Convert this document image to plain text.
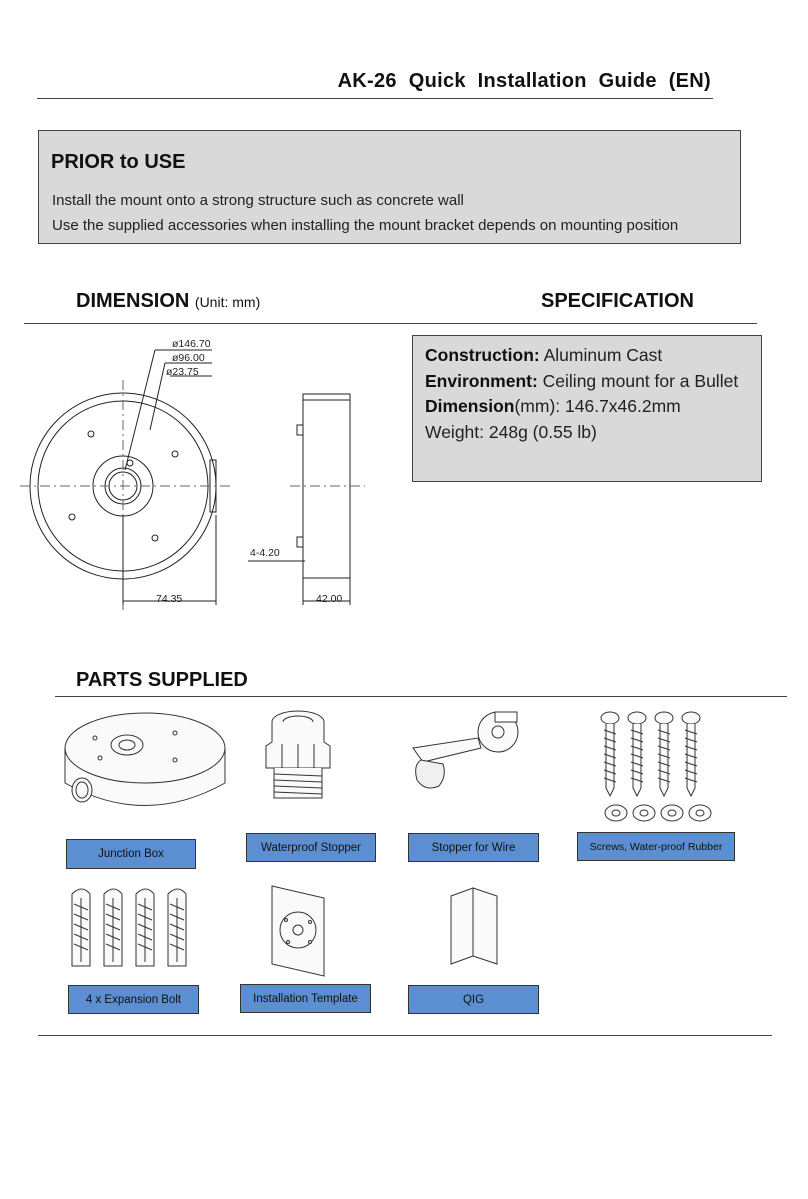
AK-26 Quick Installation Guide (EN)
PRIOR to USE
Install the mount onto a strong structure such as concrete wall
Use the supplied accessories when installing the mount bracket depends on mounting position
DIMENSION (Unit: mm)	SPECIFICATION
ø146.70
ø96.00
ø23.75
74.35	42.00
4-4.20
Construction: Aluminum Cast
Environment: Ceiling mount for a Bullet
Dimension(mm): 146.7x46.2mm
Weight: 248g (0.55 lb)
PARTS SUPPLIED
Junction Box
Waterproof Stopper	Stopper for Wire	Screws, Water-proof Rubber
4 x Expansion Bolt	Installation Template	QIG
